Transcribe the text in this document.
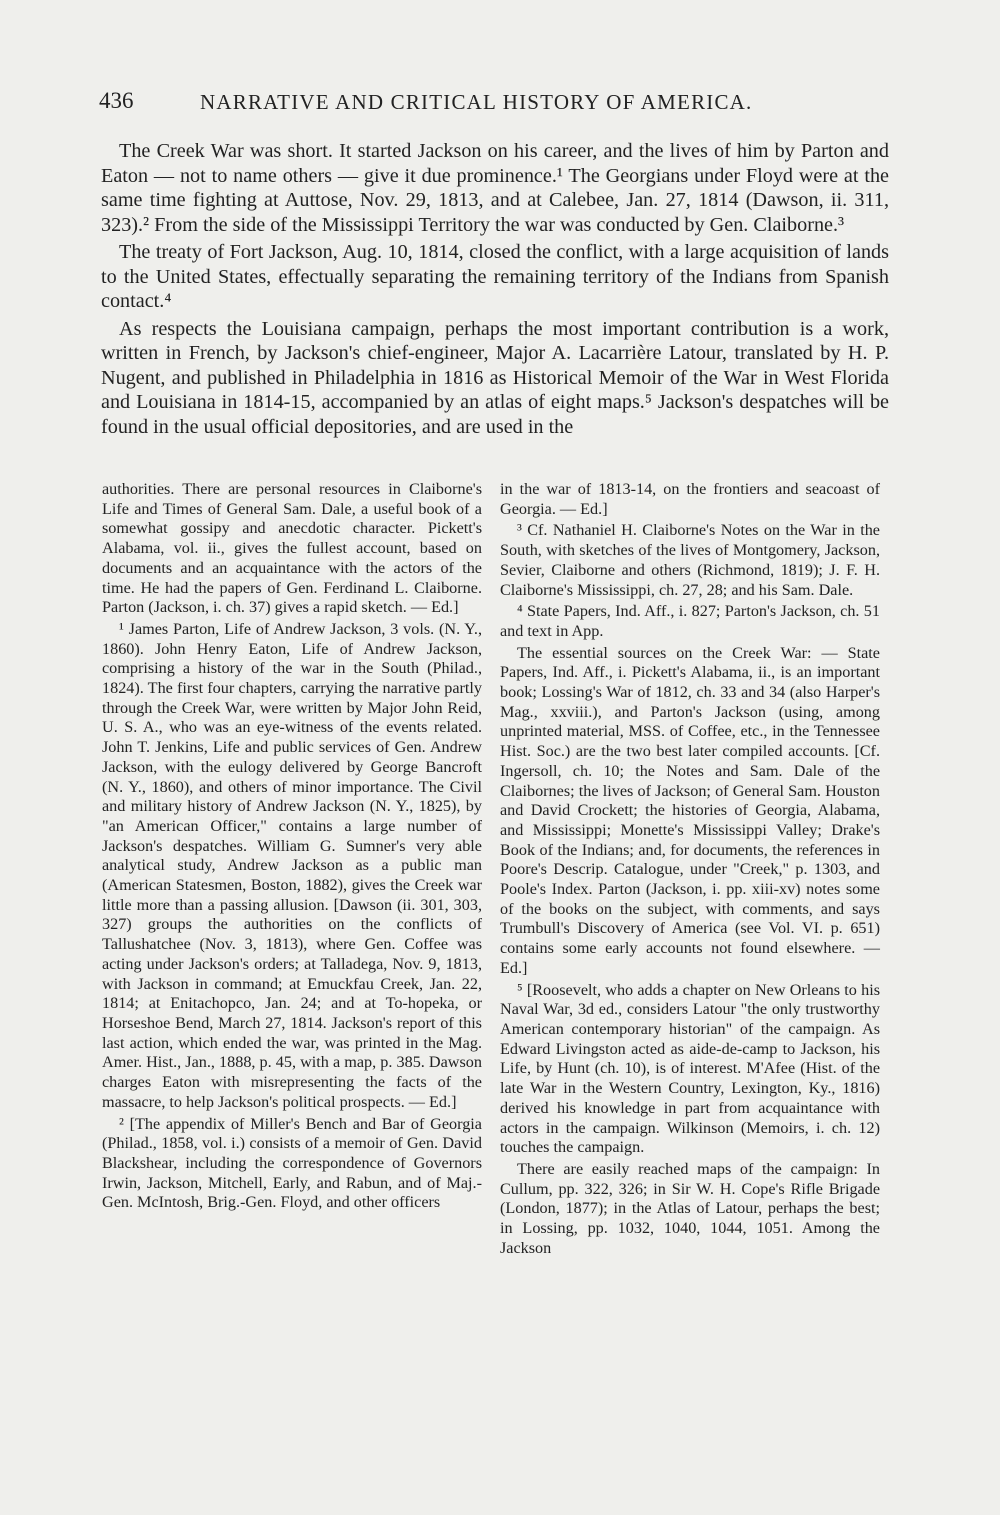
436	NARRATIVE AND CRITICAL HISTORY OF AMERICA.

The Creek War was short. It started Jackson on his career, and the lives of him by Parton and Eaton — not to name others — give it due prominence.¹ The Georgians under Floyd were at the same time fighting at Auttose, Nov. 29, 1813, and at Calebee, Jan. 27, 1814 (Dawson, ii. 311, 323).² From the side of the Mississippi Territory the war was conducted by Gen. Claiborne.³

The treaty of Fort Jackson, Aug. 10, 1814, closed the conflict, with a large acquisition of lands to the United States, effectually separating the remaining territory of the Indians from Spanish contact.⁴

As respects the Louisiana campaign, perhaps the most important contribution is a work, written in French, by Jackson's chief-engineer, Major A. Lacarrière Latour, translated by H. P. Nugent, and published in Philadelphia in 1816 as Historical Memoir of the War in West Florida and Louisiana in 1814-15, accompanied by an atlas of eight maps.⁵ Jackson's despatches will be found in the usual official depositories, and are used in the

authorities. There are personal resources in Claiborne's Life and Times of General Sam. Dale, a useful book of a somewhat gossipy and anecdotic character. Pickett's Alabama, vol. ii., gives the fullest account, based on documents and an acquaintance with the actors of the time. He had the papers of Gen. Ferdinand L. Claiborne. Parton (Jackson, i. ch. 37) gives a rapid sketch. — Ed.]

¹ James Parton, Life of Andrew Jackson, 3 vols. (N. Y., 1860). John Henry Eaton, Life of Andrew Jackson, comprising a history of the war in the South (Philad., 1824). The first four chapters, carrying the narrative partly through the Creek War, were written by Major John Reid, U. S. A., who was an eye-witness of the events related. John T. Jenkins, Life and public services of Gen. Andrew Jackson, with the eulogy delivered by George Bancroft (N. Y., 1860), and others of minor importance. The Civil and military history of Andrew Jackson (N. Y., 1825), by "an American Officer," contains a large number of Jackson's despatches. William G. Sumner's very able analytical study, Andrew Jackson as a public man (American Statesmen, Boston, 1882), gives the Creek war little more than a passing allusion. [Dawson (ii. 301, 303, 327) groups the authorities on the conflicts of Tallushatchee (Nov. 3, 1813), where Gen. Coffee was acting under Jackson's orders; at Talladega, Nov. 9, 1813, with Jackson in command; at Emuckfau Creek, Jan. 22, 1814; at Enitachopco, Jan. 24; and at To-hopeka, or Horseshoe Bend, March 27, 1814. Jackson's report of this last action, which ended the war, was printed in the Mag. Amer. Hist., Jan., 1888, p. 45, with a map, p. 385. Dawson charges Eaton with misrepresenting the facts of the massacre, to help Jackson's political prospects. — Ed.]

² [The appendix of Miller's Bench and Bar of Georgia (Philad., 1858, vol. i.) consists of a memoir of Gen. David Blackshear, including the correspondence of Governors Irwin, Jackson, Mitchell, Early, and Rabun, and of Maj.-Gen. McIntosh, Brig.-Gen. Floyd, and other officers

in the war of 1813-14, on the frontiers and seacoast of Georgia. — Ed.]

³ Cf. Nathaniel H. Claiborne's Notes on the War in the South, with sketches of the lives of Montgomery, Jackson, Sevier, Claiborne and others (Richmond, 1819); J. F. H. Claiborne's Mississippi, ch. 27, 28; and his Sam. Dale.

⁴ State Papers, Ind. Aff., i. 827; Parton's Jackson, ch. 51 and text in App.

The essential sources on the Creek War: — State Papers, Ind. Aff., i. Pickett's Alabama, ii., is an important book; Lossing's War of 1812, ch. 33 and 34 (also Harper's Mag., xxviii.), and Parton's Jackson (using, among unprinted material, MSS. of Coffee, etc., in the Tennessee Hist. Soc.) are the two best later compiled accounts. [Cf. Ingersoll, ch. 10; the Notes and Sam. Dale of the Claibornes; the lives of Jackson; of General Sam. Houston and David Crockett; the histories of Georgia, Alabama, and Mississippi; Monette's Mississippi Valley; Drake's Book of the Indians; and, for documents, the references in Poore's Descrip. Catalogue, under "Creek," p. 1303, and Poole's Index. Parton (Jackson, i. pp. xiii-xv) notes some of the books on the subject, with comments, and says Trumbull's Discovery of America (see Vol. VI. p. 651) contains some early accounts not found elsewhere. — Ed.]

⁵ [Roosevelt, who adds a chapter on New Orleans to his Naval War, 3d ed., considers Latour "the only trustworthy American contemporary historian" of the campaign. As Edward Livingston acted as aide-de-camp to Jackson, his Life, by Hunt (ch. 10), is of interest. M'Afee (Hist. of the late War in the Western Country, Lexington, Ky., 1816) derived his knowledge in part from acquaintance with actors in the campaign. Wilkinson (Memoirs, i. ch. 12) touches the campaign.

There are easily reached maps of the campaign: In Cullum, pp. 322, 326; in Sir W. H. Cope's Rifle Brigade (London, 1877); in the Atlas of Latour, perhaps the best; in Lossing, pp. 1032, 1040, 1044, 1051. Among the Jackson
